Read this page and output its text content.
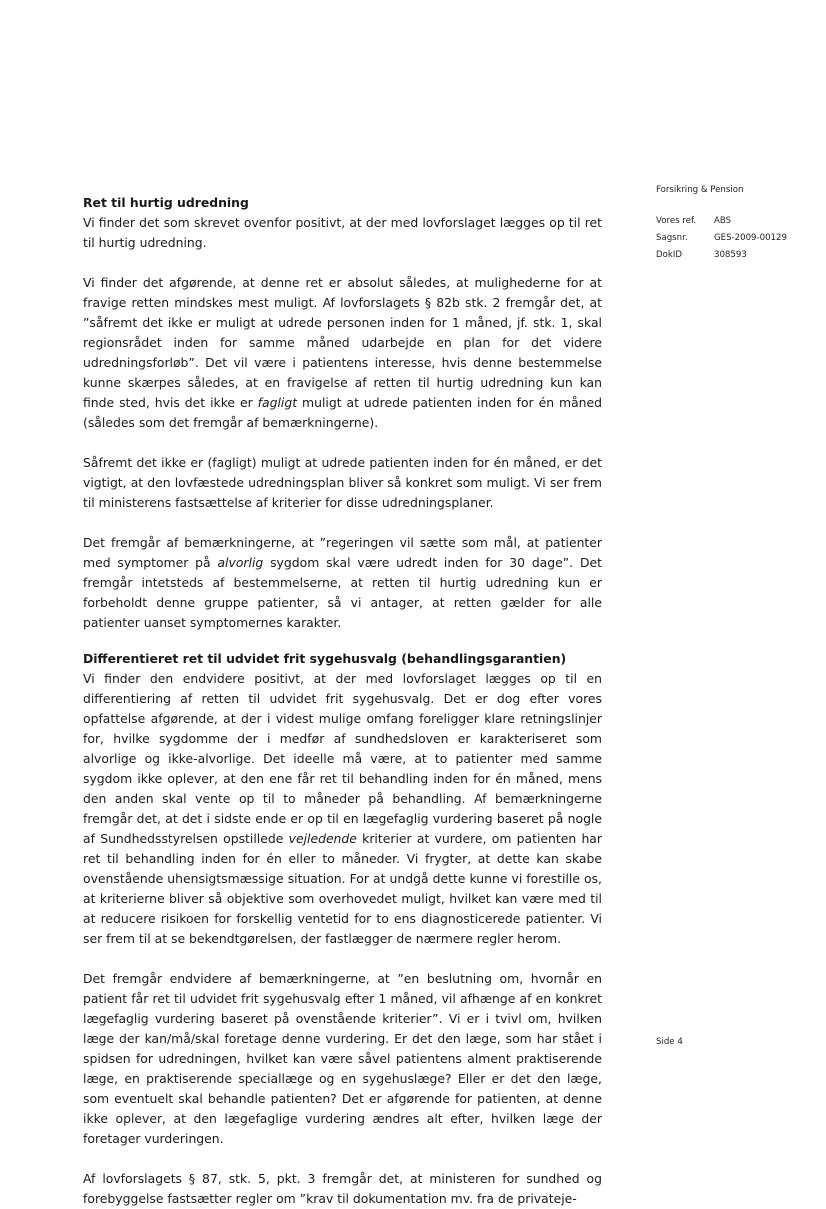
Forsikring & Pension
Vores ref.	ABS
Sagsnr.	GES-2009-00129
DokID	308593
Side 4
Ret til hurtig udredning

Vi finder det som skrevet ovenfor positivt, at der med lovforslaget lægges op til ret til hurtig udredning.

Vi finder det afgørende, at denne ret er absolut således, at mulighederne for at fravige retten mindskes mest muligt. Af lovforslagets § 82b stk. 2 fremgår det, at ”såfremt det ikke er muligt at udrede personen inden for 1 måned, jf. stk. 1, skal regionsrådet inden for samme måned udarbejde en plan for det videre udredningsforløb”. Det vil være i patientens interesse, hvis denne bestemmelse kunne skærpes således, at en fravigelse af retten til hurtig udredning kun kan finde sted, hvis det ikke er fagligt muligt at udrede patienten inden for én måned (således som det fremgår af bemærkningerne).

Såfremt det ikke er (fagligt) muligt at udrede patienten inden for én måned, er det vigtigt, at den lovfæstede udredningsplan bliver så konkret som muligt. Vi ser frem til ministerens fastsættelse af kriterier for disse udredningsplaner.

Det fremgår af bemærkningerne, at ”regeringen vil sætte som mål, at patienter med symptomer på alvorlig sygdom skal være udredt inden for 30 dage”. Det fremgår intetsteds af bestemmelserne, at retten til hurtig udredning kun er forbeholdt denne gruppe patienter, så vi antager, at retten gælder for alle patienter uanset symptomernes karakter.

Differentieret ret til udvidet frit sygehusvalg (behandlingsgarantien)

Vi finder den endvidere positivt, at der med lovforslaget lægges op til en differentiering af retten til udvidet frit sygehusvalg. Det er dog efter vores opfattelse afgørende, at der i videst mulige omfang foreligger klare retningslinjer for, hvilke sygdomme der i medfør af sundhedsloven er karakteriseret som alvorlige og ikke-alvorlige. Det ideelle må være, at to patienter med samme sygdom ikke oplever, at den ene får ret til behandling inden for én måned, mens den anden skal vente op til to måneder på behandling. Af bemærkningerne fremgår det, at det i sidste ende er op til en lægefaglig vurdering baseret på nogle af Sundhedsstyrelsen opstillede vejledende kriterier at vurdere, om patienten har ret til behandling inden for én eller to måneder. Vi frygter, at dette kan skabe ovenstående uhensigtsmæssige situation. For at undgå dette kunne vi forestille os, at kriterierne bliver så objektive som overhovedet muligt, hvilket kan være med til at reducere risikoen for forskellig ventetid for to ens diagnosticerede patienter. Vi ser frem til at se bekendtgørelsen, der fastlægger de nærmere regler herom.

Det fremgår endvidere af bemærkningerne, at ”en beslutning om, hvornår en patient får ret til udvidet frit sygehusvalg efter 1 måned, vil afhænge af en konkret lægefaglig vurdering baseret på ovenstående kriterier”. Vi er i tvivl om, hvilken læge der kan/må/skal foretage denne vurdering. Er det den læge, som har stået i spidsen for udredningen, hvilket kan være såvel patientens alment praktiserende læge, en praktiserende speciallæge og en sygehuslæge? Eller er det den læge, som eventuelt skal behandle patienten? Det er afgørende for patienten, at denne ikke oplever, at den lægefaglige vurdering ændres alt efter, hvilken læge der foretager vurderingen.

Af lovforslagets § 87, stk. 5, pkt. 3 fremgår det, at ministeren for sundhed og forebyggelse fastsætter regler om ”krav til dokumentation mv. fra de privateje-
